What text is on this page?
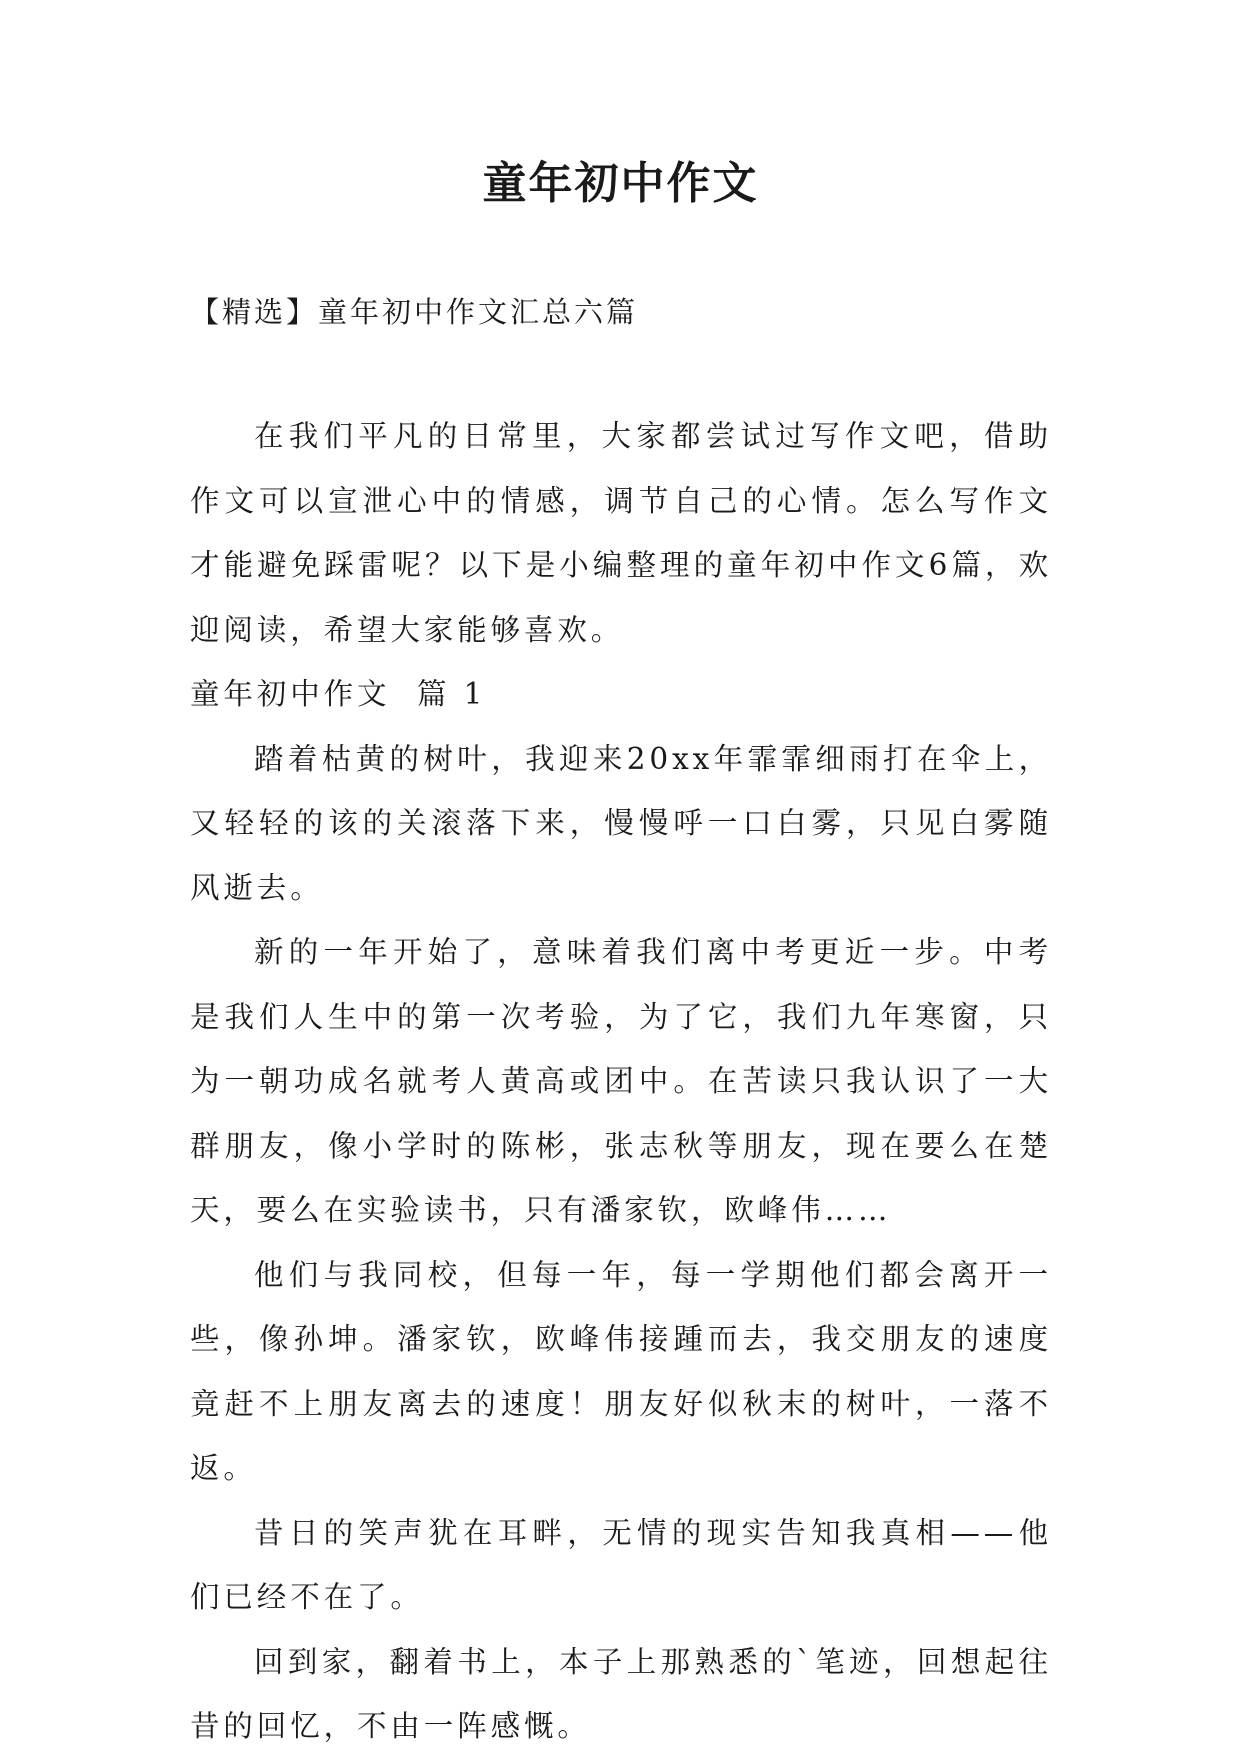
童年初中作文

【精选】童年初中作文汇总六篇

在我们平凡的日常里，大家都尝试过写作文吧，借助作文可以宣泄心中的情感，调节自己的心情。怎么写作文才能避免踩雷呢？以下是小编整理的童年初中作文6篇，欢迎阅读，希望大家能够喜欢。

童年初中作文  篇 1

踏着枯黄的树叶，我迎来20xx年霏霏细雨打在伞上，又轻轻的该的关滚落下来，慢慢呼一口白雾，只见白雾随风逝去。

新的一年开始了，意味着我们离中考更近一步。中考是我们人生中的第一次考验，为了它，我们九年寒窗，只为一朝功成名就考人黄高或团中。在苦读只我认识了一大群朋友，像小学时的陈彬，张志秋等朋友，现在要么在楚天，要么在实验读书，只有潘家钦，欧峰伟……

他们与我同校，但每一年，每一学期他们都会离开一些，像孙坤。潘家钦，欧峰伟接踵而去，我交朋友的速度竟赶不上朋友离去的速度！朋友好似秋末的树叶，一落不返。

昔日的笑声犹在耳畔，无情的现实告知我真相——他们已经不在了。

回到家，翻着书上，本子上那熟悉的`笔迹，回想起往昔的回忆，不由一阵感慨。
